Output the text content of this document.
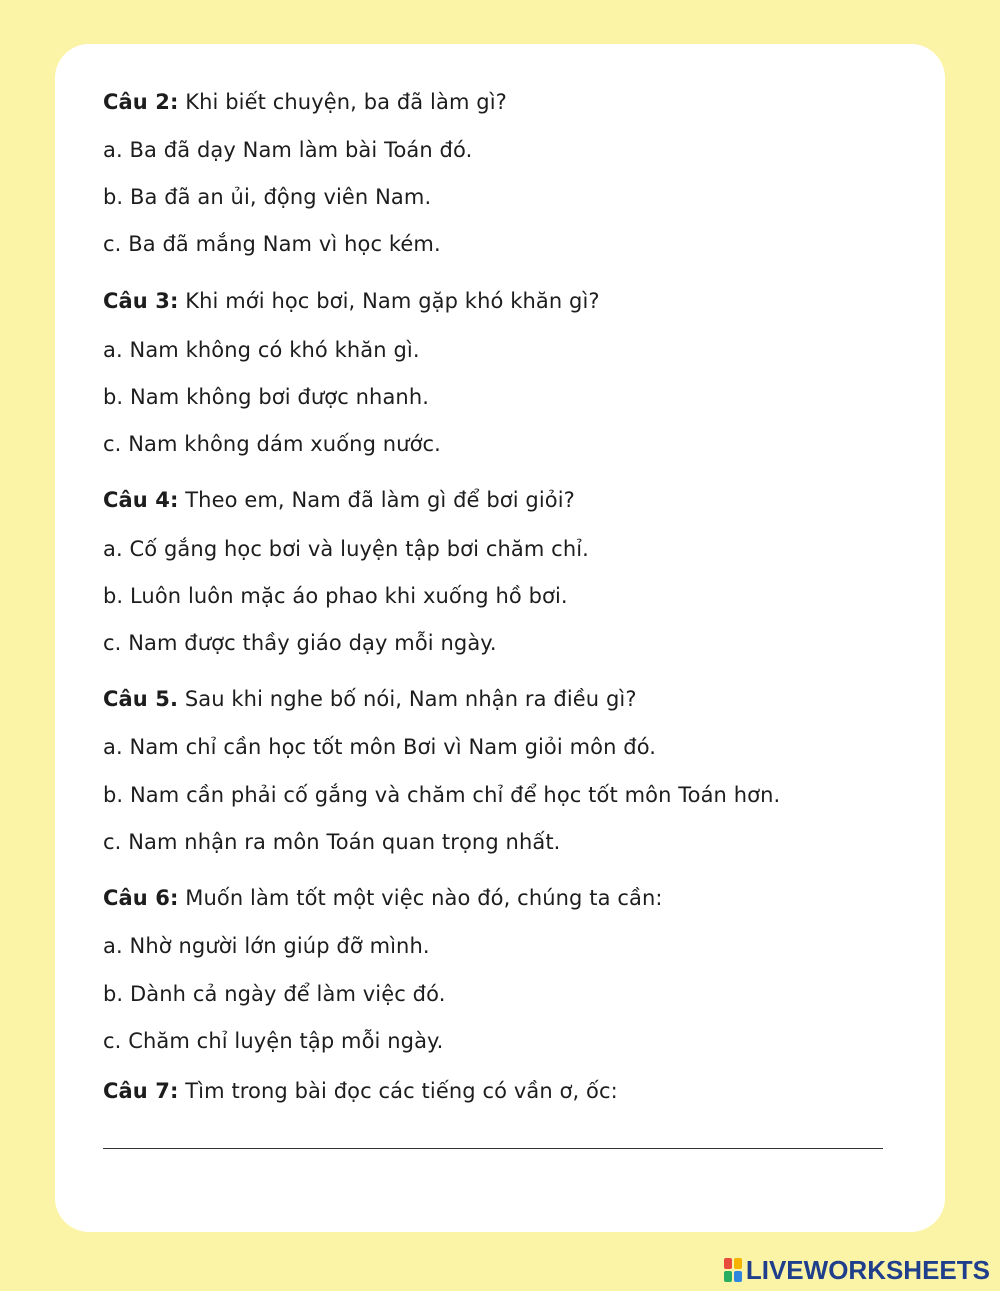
Câu 2: Khi biết chuyện, ba đã làm gì?
a. Ba đã dạy Nam làm bài Toán đó.
b. Ba đã an ủi, động viên Nam.
c. Ba đã mắng Nam vì học kém.
Câu 3: Khi mới học bơi, Nam gặp khó khăn gì?
a. Nam không có khó khăn gì.
b. Nam không bơi được nhanh.
c. Nam không dám xuống nước.
Câu 4: Theo em, Nam đã làm gì để bơi giỏi?
a. Cố gắng học bơi và luyện tập bơi chăm chỉ.
b. Luôn luôn mặc áo phao khi xuống hồ bơi.
c. Nam được thầy giáo dạy mỗi ngày.
Câu 5. Sau khi nghe bố nói, Nam nhận ra điều gì?
a. Nam chỉ cần học tốt môn Bơi vì Nam giỏi môn đó.
b. Nam cần phải cố gắng và chăm chỉ để học tốt môn Toán hơn.
c. Nam nhận ra môn Toán quan trọng nhất.
Câu 6: Muốn làm tốt một việc nào đó, chúng ta cần:
a. Nhờ người lớn giúp đỡ mình.
b. Dành cả ngày để làm việc đó.
c. Chăm chỉ luyện tập mỗi ngày.
Câu 7: Tìm trong bài đọc các tiếng có vần ơ, ốc:
LIVEWORKSHEETS
